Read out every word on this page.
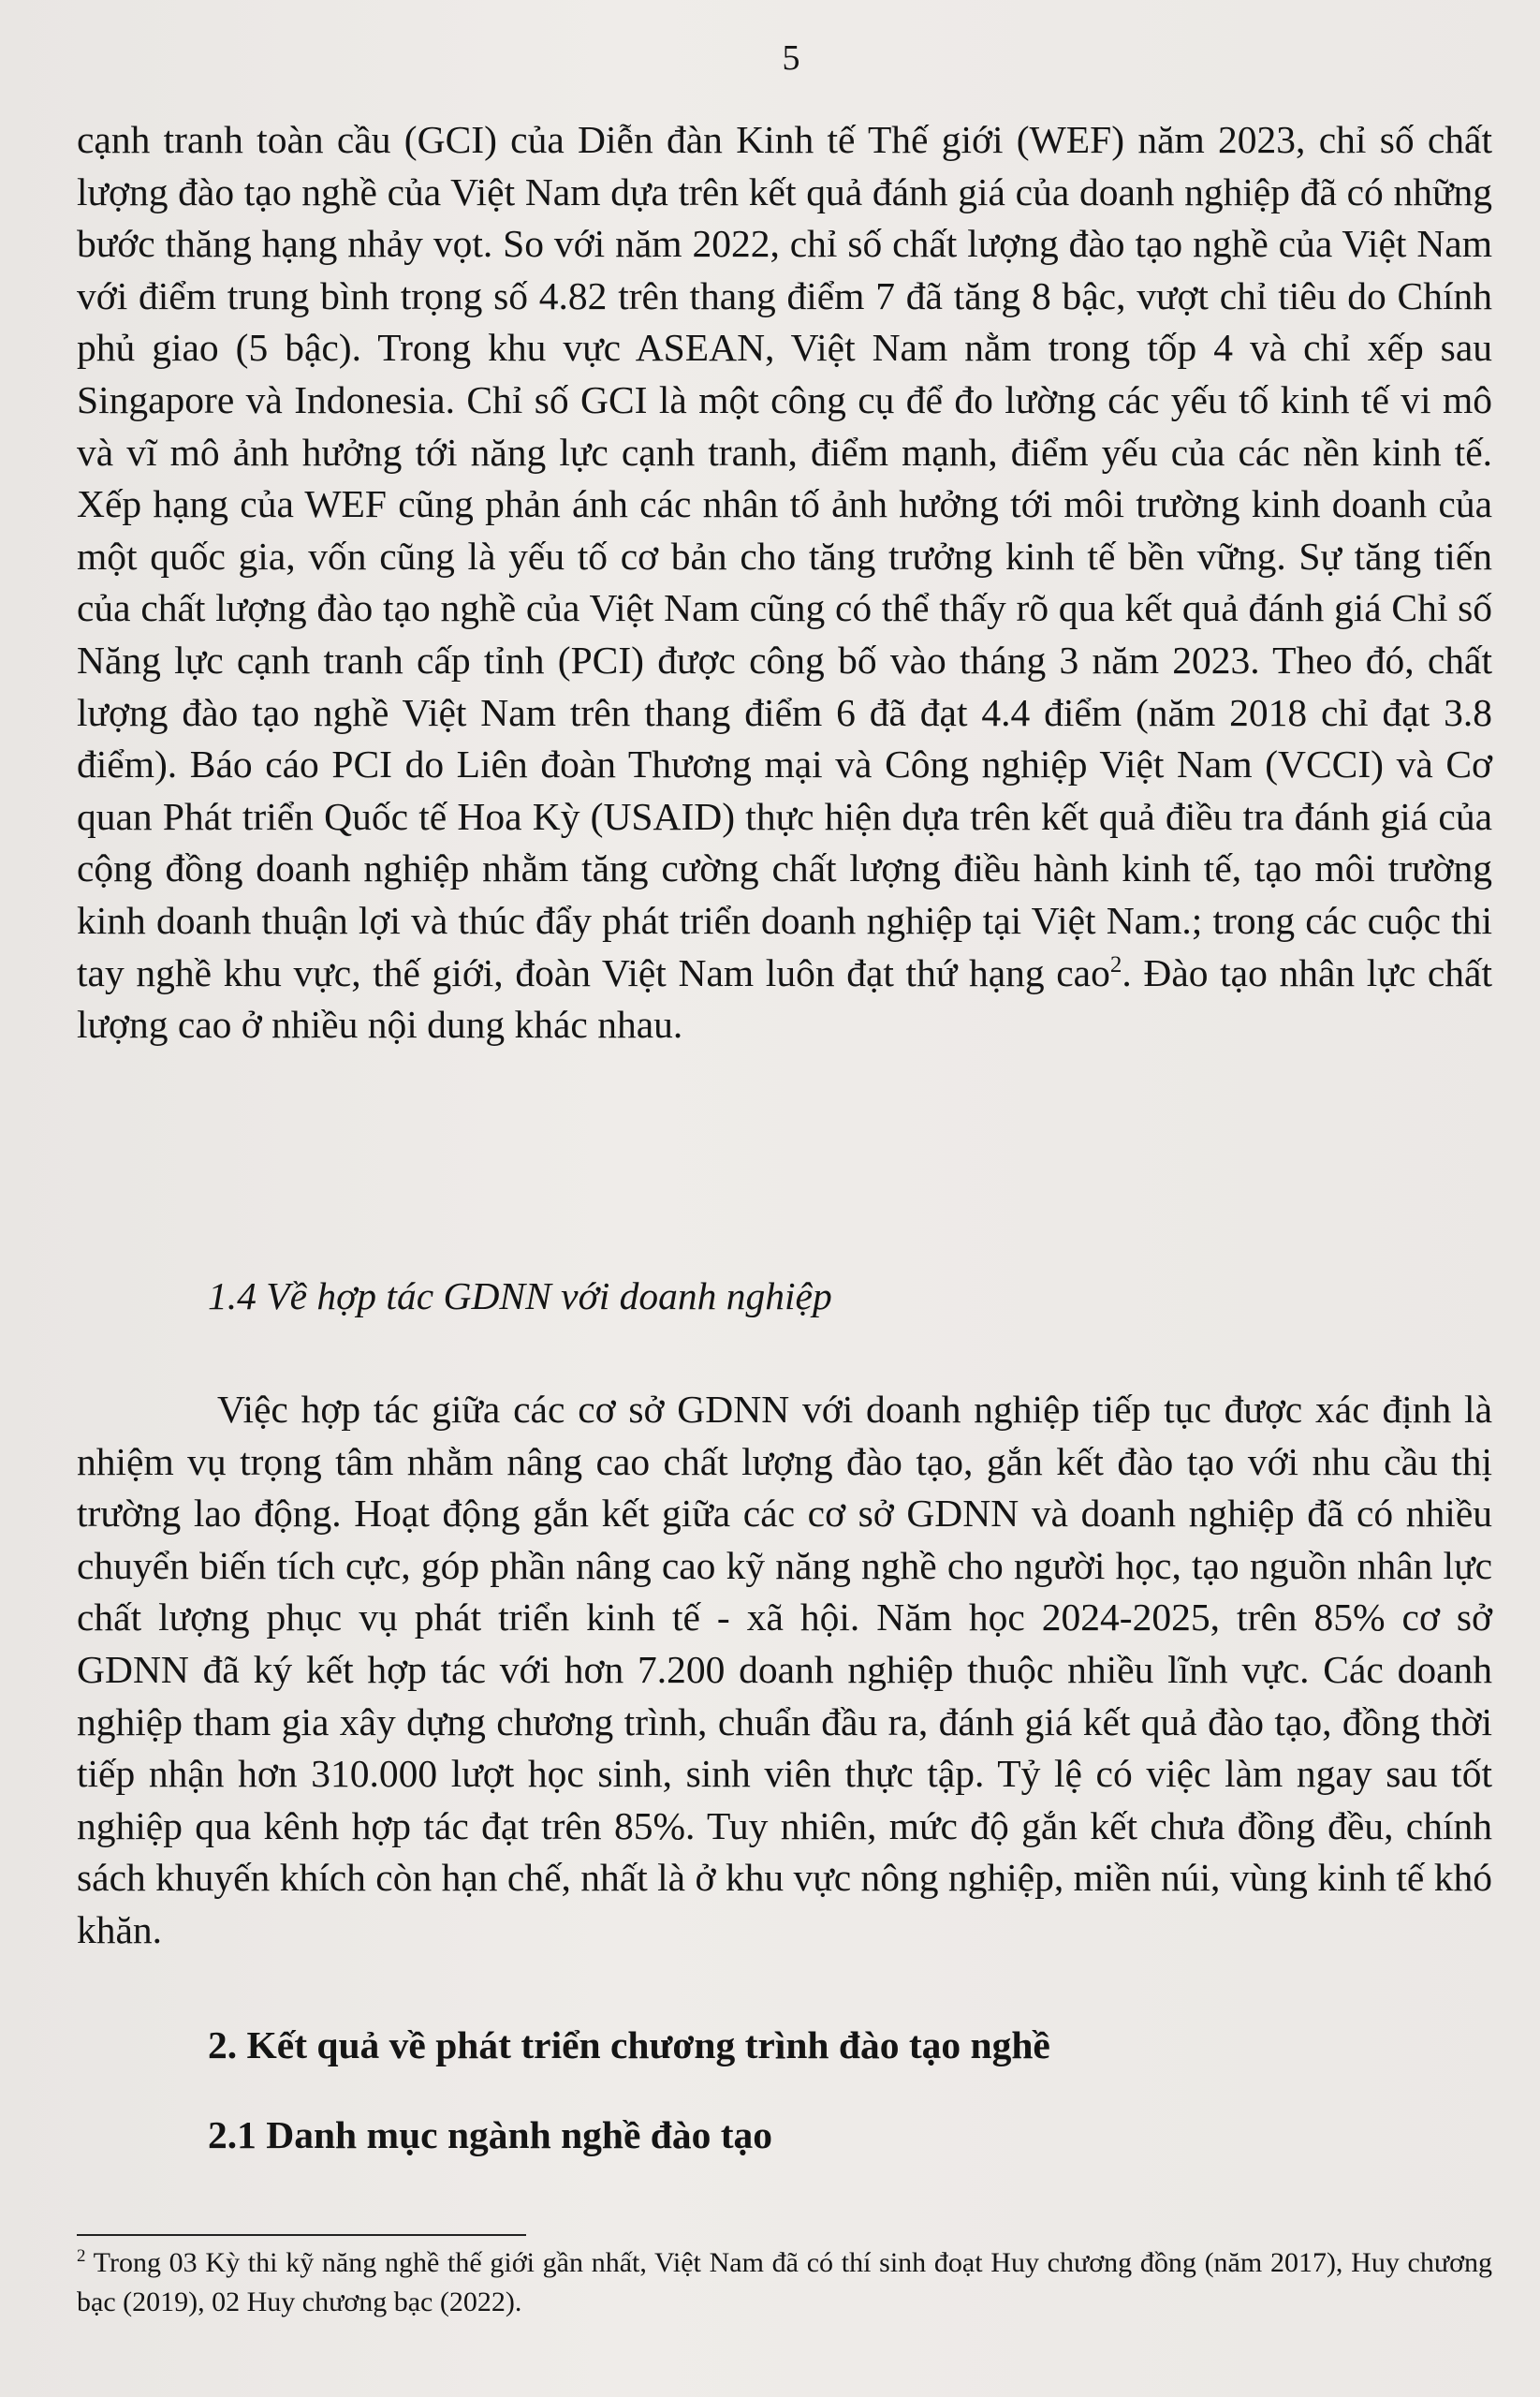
5

cạnh tranh toàn cầu (GCI) của Diễn đàn Kinh tế Thế giới (WEF) năm 2023, chỉ số chất lượng đào tạo nghề của Việt Nam dựa trên kết quả đánh giá của doanh nghiệp đã có những bước thăng hạng nhảy vọt. So với năm 2022, chỉ số chất lượng đào tạo nghề của Việt Nam với điểm trung bình trọng số 4.82 trên thang điểm 7 đã tăng 8 bậc, vượt chỉ tiêu do Chính phủ giao (5 bậc). Trong khu vực ASEAN, Việt Nam nằm trong tốp 4 và chỉ xếp sau Singapore và Indonesia. Chỉ số GCI là một công cụ để đo lường các yếu tố kinh tế vi mô và vĩ mô ảnh hưởng tới năng lực cạnh tranh, điểm mạnh, điểm yếu của các nền kinh tế. Xếp hạng của WEF cũng phản ánh các nhân tố ảnh hưởng tới môi trường kinh doanh của một quốc gia, vốn cũng là yếu tố cơ bản cho tăng trưởng kinh tế bền vững. Sự tăng tiến của chất lượng đào tạo nghề của Việt Nam cũng có thể thấy rõ qua kết quả đánh giá Chỉ số Năng lực cạnh tranh cấp tỉnh (PCI) được công bố vào tháng 3 năm 2023. Theo đó, chất lượng đào tạo nghề Việt Nam trên thang điểm 6 đã đạt 4.4 điểm (năm 2018 chỉ đạt 3.8 điểm). Báo cáo PCI do Liên đoàn Thương mại và Công nghiệp Việt Nam (VCCI) và Cơ quan Phát triển Quốc tế Hoa Kỳ (USAID) thực hiện dựa trên kết quả điều tra đánh giá của cộng đồng doanh nghiệp nhằm tăng cường chất lượng điều hành kinh tế, tạo môi trường kinh doanh thuận lợi và thúc đẩy phát triển doanh nghiệp tại Việt Nam.; trong các cuộc thi tay nghề khu vực, thế giới, đoàn Việt Nam luôn đạt thứ hạng cao$^2$. Đào tạo nhân lực chất lượng cao ở nhiều nội dung khác nhau.

1.4 Về hợp tác GDNN với doanh nghiệp

Việc hợp tác giữa các cơ sở GDNN với doanh nghiệp tiếp tục được xác định là nhiệm vụ trọng tâm nhằm nâng cao chất lượng đào tạo, gắn kết đào tạo với nhu cầu thị trường lao động. Hoạt động gắn kết giữa các cơ sở GDNN và doanh nghiệp đã có nhiều chuyển biến tích cực, góp phần nâng cao kỹ năng nghề cho người học, tạo nguồn nhân lực chất lượng phục vụ phát triển kinh tế - xã hội. Năm học 2024-2025, trên 85% cơ sở GDNN đã ký kết hợp tác với hơn 7.200 doanh nghiệp thuộc nhiều lĩnh vực. Các doanh nghiệp tham gia xây dựng chương trình, chuẩn đầu ra, đánh giá kết quả đào tạo, đồng thời tiếp nhận hơn 310.000 lượt học sinh, sinh viên thực tập. Tỷ lệ có việc làm ngay sau tốt nghiệp qua kênh hợp tác đạt trên 85%. Tuy nhiên, mức độ gắn kết chưa đồng đều, chính sách khuyến khích còn hạn chế, nhất là ở khu vực nông nghiệp, miền núi, vùng kinh tế khó khăn.

2. Kết quả về phát triển chương trình đào tạo nghề
2.1 Danh mục ngành nghề đào tạo
$^2$ Trong 03 Kỳ thi kỹ năng nghề thế giới gần nhất, Việt Nam đã có thí sinh đoạt Huy chương đồng (năm 2017), Huy chương bạc (2019), 02 Huy chương bạc (2022).
